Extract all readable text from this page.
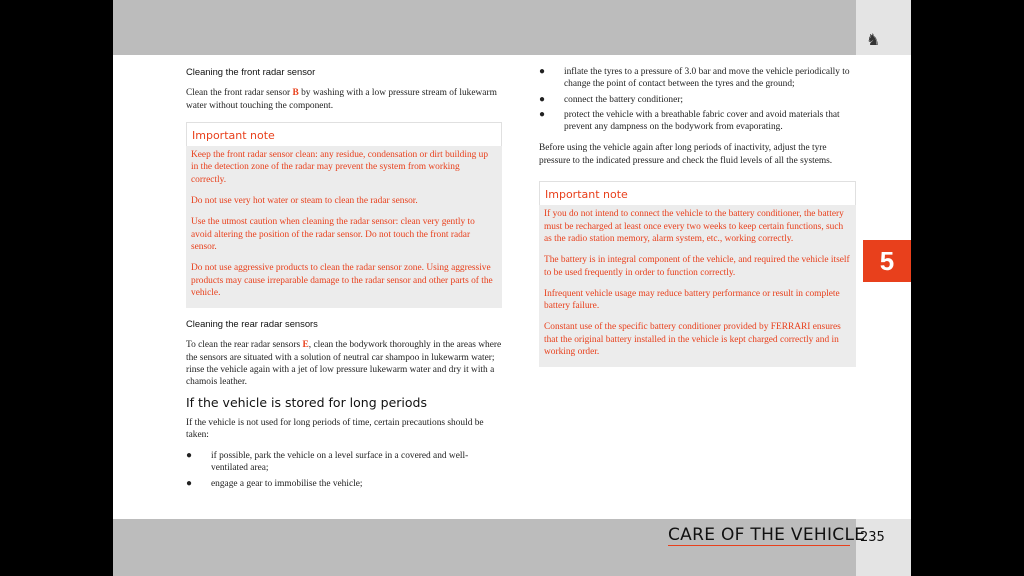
♞
5
Cleaning the front radar sensor

Clean the front radar sensor B by washing with a low pressure stream of lukewarm water without touching the component.

Important note

Keep the front radar sensor clean: any residue, condensation or dirt building up in the detection zone of the radar may prevent the system from working correctly.

Do not use very hot water or steam to clean the radar sensor.

Use the utmost caution when cleaning the radar sensor: clean very gently to avoid altering the position of the radar sensor. Do not touch the front radar sensor.

Do not use aggressive products to clean the radar sensor zone. Using aggressive products may cause irreparable damage to the radar sensor and other parts of the vehicle.

Cleaning the rear radar sensors

To clean the rear radar sensors E, clean the bodywork thoroughly in the areas where the sensors are situated with a solution of neutral car shampoo in lukewarm water; rinse the vehicle again with a jet of low pressure lukewarm water and dry it with a chamois leather.

If the vehicle is stored for long periods

If the vehicle is not used for long periods of time, certain precautions should be taken:

● if possible, park the vehicle on a level surface in a covered and well-ventilated area;
● engage a gear to immobilise the vehicle;
● inflate the tyres to a pressure of 3.0 bar and move the vehicle periodically to change the point of contact between the tyres and the ground;
● connect the battery conditioner;
● protect the vehicle with a breathable fabric cover and avoid materials that prevent any dampness on the bodywork from evaporating.

Before using the vehicle again after long periods of inactivity, adjust the tyre pressure to the indicated pressure and check the fluid levels of all the systems.

Important note

If you do not intend to connect the vehicle to the battery conditioner, the battery must be recharged at least once every two weeks to keep certain functions, such as the radio station memory, alarm system, etc., working correctly.

The battery is in integral component of the vehicle, and required the vehicle itself to be used frequently in order to function correctly.

Infrequent vehicle usage may reduce battery performance or result in complete battery failure.

Constant use of the specific battery conditioner provided by FERRARI ensures that the original battery installed in the vehicle is kept charged correctly and in working order.

CARE OF THE VEHICLE
235
